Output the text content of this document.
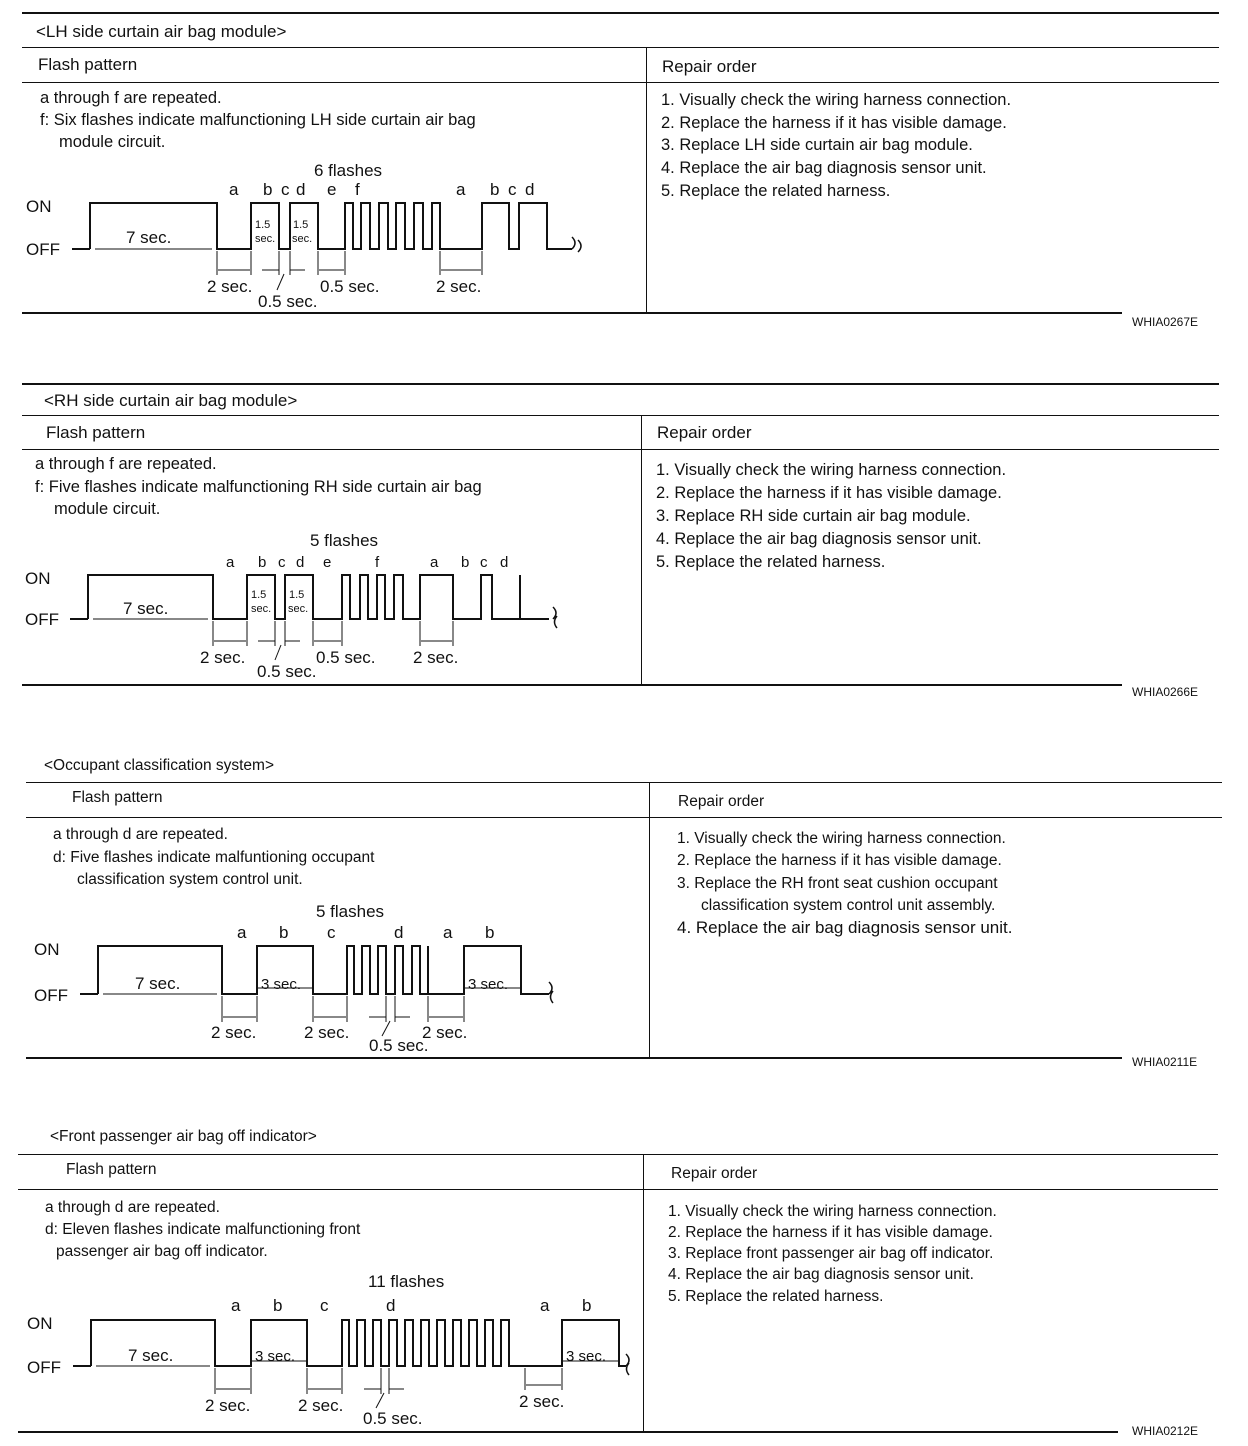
<LH side curtain air bag module>
Flash pattern	Repair order
a through f are repeated.
f: Six flashes indicate malfunctioning LH side curtain air bag
module circuit.
1. Visually check the wiring harness connection.
2. Replace the harness if it has visible damage.
3. Replace LH side curtain air bag module.
4. Replace the air bag diagnosis sensor unit.
5. Replace the related harness.
WHIA0267E
ON
OFF
6 flashes
a b c d e f	a b c d
7 sec.
1.5
sec.
1.5
sec.
2 sec.
0.5 sec.
0.5 sec.	2 sec.
<RH side curtain air bag module>
Flash pattern	Repair order
a through f are repeated.
f: Five flashes indicate malfunctioning RH side curtain air bag
module circuit.
1. Visually check the wiring harness connection.
2. Replace the harness if it has visible damage.
3. Replace RH side curtain air bag module.
4. Replace the air bag diagnosis sensor unit.
5. Replace the related harness.
WHIA0266E
ON
OFF
5 flashes
a b c d e	f	a b c d
7 sec.
1.5
sec.
1.5
sec.
2 sec.
0.5 sec.
0.5 sec. 2 sec.
<Occupant classification system>
Flash pattern	Repair order
a through d are repeated.
d: Five flashes indicate malfuntioning occupant
classification system control unit.
1. Visually check the wiring harness connection.
2. Replace the harness if it has visible damage.
3. Replace the RH front seat cushion occupant
classification system control unit assembly.
4. Replace the air bag diagnosis sensor unit.
WHIA0211E
ON
OFF
5 flashes
a b c	d a b
7 sec.	3 sec.	3 sec.
2 sec.	2 sec.	2 sec.
0.5 sec.
<Front passenger air bag off indicator>
Flash pattern	Repair order
a through d are repeated.
d: Eleven flashes indicate malfunctioning front
passenger air bag off indicator.
1. Visually check the wiring harness connection.
2. Replace the harness if it has visible damage.
3. Replace front passenger air bag off indicator.
4. Replace the air bag diagnosis sensor unit.
5. Replace the related harness.
WHIA0212E
ON
OFF
11 flashes
a b c	d	a b
7 sec.	3 sec.	3 sec.
2 sec.	2 sec.	2 sec.
0.5 sec.
